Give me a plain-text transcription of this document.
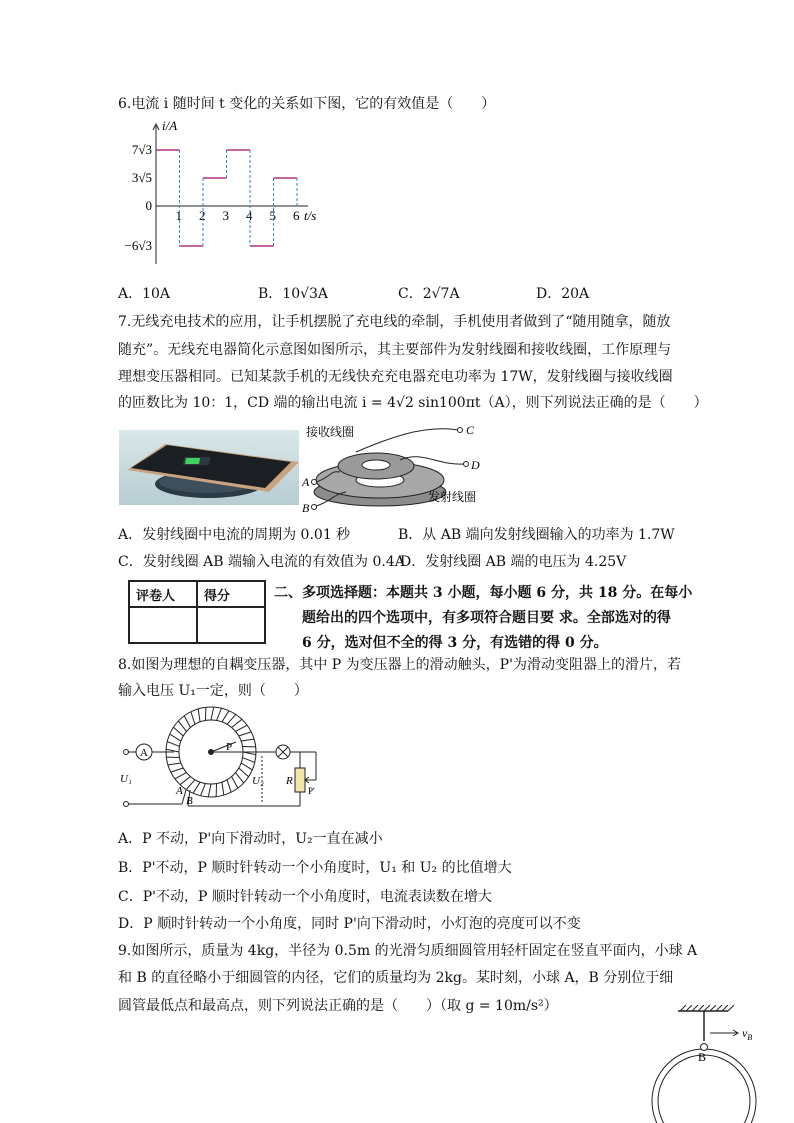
6.电流 i 随时间 t 变化的关系如下图，它的有效值是（　　）
i/A
t/s
7√3
3√5
0
−6√3
1 2 3 4 5 6
A．10A	B．10√3A	C．2√7A	D．20A
7.无线充电技术的应用，让手机摆脱了充电线的牵制，手机使用者做到了“随用随拿，随放
随充”。无线充电器简化示意图如图所示，其主要部件为发射线圈和接收线圈，工作原理与
理想变压器相同。已知某款手机的无线快充充电器充电功率为 17W，发射线圈与接收线圈
的匝数比为 10：1，CD 端的输出电流 i = 4√2 sin100πt（A），则下列说法正确的是（　　）
接收线圈
发射线圈
C
D
A
B
A．发射线圈中电流的周期为 0.01 秒	B．从 AB 端向发射线圈输入的功率为 1.7W
C．发射线圈 AB 端输入电流的有效值为 0.4A
D．发射线圈 AB 端的电压为 4.25V
评卷人	得分
		二、多项选择题：本题共 3 小题，每小题 6 分，共 18 分。在每小
题给出的四个选项中，有多项符合题目要 求。全部选对的得
6 分，选对但不全的得 3 分，有选错的得 0 分。
8.如图为理想的自耦变压器，其中 P 为变压器上的滑动触头，P'为滑动变阻器上的滑片，若
输入电压 U₁一定，则（　　）
A	P
A
B
U₁	U₂ R
P'
A．P 不动，P'向下滑动时，U₂一直在减小
B．P'不动，P 顺时针转动一个小角度时，U₁ 和 U₂ 的比值增大
C．P'不动，P 顺时针转动一个小角度时，电流表读数在增大
D．P 顺时针转动一个小角度，同时 P'向下滑动时，小灯泡的亮度可以不变
9.如图所示，质量为 4kg，半径为 0.5m 的光滑匀质细圆管用轻杆固定在竖直平面内，小球 A
和 B 的直径略小于细圆管的内径，它们的质量均为 2kg。某时刻，小球 A，B 分别位于细
圆管最低点和最高点，则下列说法正确的是（　　）（取 g = 10m/s²）
B
$v_B$
